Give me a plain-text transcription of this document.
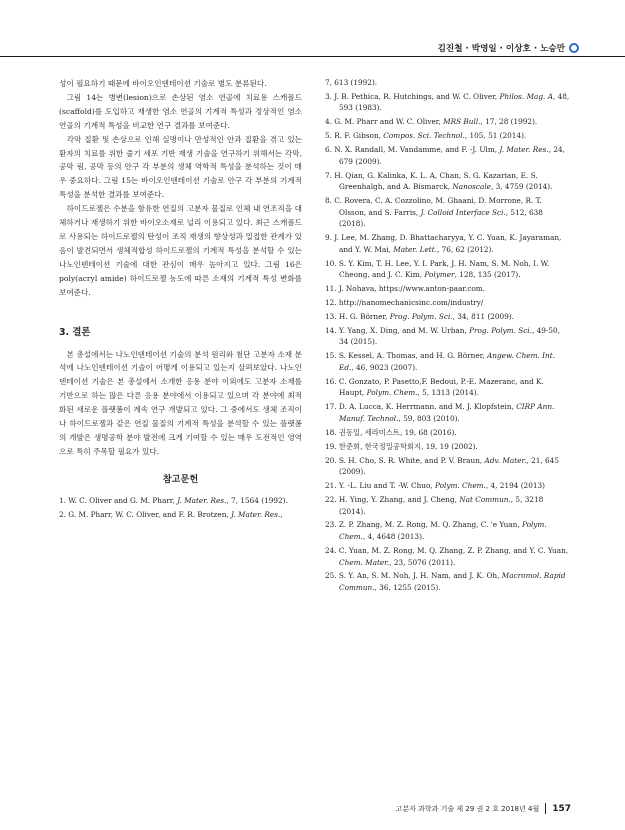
김진철 · 박영일 · 이상호 · 노승만

성이 필요하기 때문에 바이오인덴테이션 기술로 별도 분류된다.

그림 14는 병변(lesion)으로 손상된 염소 연골에 치료용 스캐폴드(scaffold)를 도입하고 재생한 염소 연골의 기계적 특성과 정상적인 염소 연골의 기계적 특성을 비교한 연구 결과를 보여준다.

각막 질환 및 손상으로 인해 실명이나 만성적인 안과 질환을 겪고 있는 환자의 치료를 위한 줄기 세포 기반 재생 기술을 연구하기 위해서는 각막, 공막 림, 공막 등의 안구 각 부분의 생체 역학적 특성을 분석하는 것이 매우 중요하다. 그림 15는 바이오인덴테이션 기술로 안구 각 부분의 기계적 특성을 분석한 결과를 보여준다.

하이드로젤은 수분을 함유한 연질의 고분자 물질로 인체 내 연조직을 대체하거나 재생하기 위한 바이오소재로 널리 이용되고 있다. 최근 스캐폴드로 사용되는 하이드로젤의 탄성이 조직 재생의 향상성과 밀접한 관계가 있음이 발견되면서 생체적합성 하이드로젤의 기계적 특성을 분석할 수 있는 나노인덴테이션 기술에 대한 관심이 매우 높아지고 있다. 그림 16은 poly(acryl amide) 하이드로젤 농도에 따른 소재의 기계적 특성 변화를 보여준다.

3. 결론

본 총설에서는 나노인덴테이션 기술의 분석 원리와 첨단 고분자 소재 분석에 나노인덴테이션 기술이 어떻게 이용되고 있는지 살펴보았다. 나노인덴테이션 기술은 본 총설에서 소개한 응용 분야 이외에도 고분자 소재를 기반으로 하는 많은 다른 응용 분야에서 이용되고 있으며 각 분야에 최적화된 새로운 플랫폼이 계속 연구 개발되고 있다. 그 중에서도 생체 조직이나 하이드로젤과 같은 연질 물질의 기계적 특성을 분석할 수 있는 플랫폼의 개발은 생명공학 분야 발전에 크게 기여할 수 있는 매우 도전적인 영역으로 특히 주목할 필요가 있다.

참고문헌

1. W. C. Oliver and G. M. Pharr, J. Mater. Res., 7, 1564 (1992).

2. G. M. Pharr, W. C. Oliver, and F. R. Brotzen, J. Mater. Res.,

7, 613 (1992).

3. J. B. Pethica, R. Hutchings, and W. C. Oliver, Philos. Mag. A, 48, 593 (1983).

4. G. M. Pharr and W. C. Oliver, MRS Bull., 17, 28 (1992).

5. R. F. Gibson, Compos. Sci. Technol., 105, 51 (2014).

6. N. X. Randall, M. Vandamme, and F. -J. Ulm, J. Mater. Res., 24, 679 (2009).

7. H. Qian, G. Kalinka, K. L. A, Chan, S. G. Kazarian, E. S. Greenhalgh, and A. Bismarck, Nanoscale, 3, 4759 (2014).

8. C. Rovera, C. A. Cozzolino, M. Ghaani, D. Morrone, R. T. Olsson, and S. Farris, J. Colloid Interface Sci., 512, 638 (2018).

9. J. Lee, M. Zhang, D. Bhattacharyya, Y. C. Yuan, K. Jayaraman, and Y. W. Mai, Mater. Lett., 76, 62 (2012).

10. S. Y. Kim, T. H. Lee, Y. I. Park, J. H. Nam, S. M. Noh, I. W. Cheong, and J. C. Kim, Polymer, 128, 135 (2017).

11. J. Nohava, https://www.anton-paar.com.

12. http://nanomechanicsinc.com/industry/

13. H. G. Börner, Prog. Polym. Sci., 34, 811 (2009).

14. Y. Yang, X. Ding, and M. W. Urban, Prog. Polym. Sci., 49-50, 34 (2015).

15. S. Kessel, A. Thomas, and H. G. Börner, Angew. Chem. Int. Ed., 46, 9023 (2007).

16. C. Gonzato, P. Pasetto,F. Bedoui, P.-E. Mazeranc, and K. Haupt, Polym. Chem., 5, 1313 (2014).

17. D. A. Lucca, K. Herrmann, and M. J. Klopfstein, CIRP Ann. Manuf. Technol., 59, 803 (2010).

18. 권동일, 세라미스트, 19, 68 (2016).

19. 한준희, 한국정밀공학회지, 19, 19 (2002).

20. S. H. Cho, S. R. White, and P. V. Braun, Adv. Mater., 21, 645 (2009).

21. Y. -L. Liu and T. -W. Chuo, Polym. Chem., 4, 2194 (2013)

22. H. Ying, Y. Zhang, and J. Cheng, Nat Commun., 5, 3218 (2014).

23. Z. P. Zhang, M. Z. Rong, M. Q. Zhang, C. 'e Yuan, Polym. Chem., 4, 4648 (2013).

24. C. Yuan, M. Z. Rong, M. Q. Zhang, Z. P. Zhang, and Y. C. Yuan, Chem. Mater., 23, 5076 (2011).

25. S. Y. An, S. M. Noh, J. H. Nam, and J. K. Oh, Macromol. Rapid Commun., 36, 1255 (2015).

고분자 과학과 기술 제 29 권 2 호 2018년 4월 157
